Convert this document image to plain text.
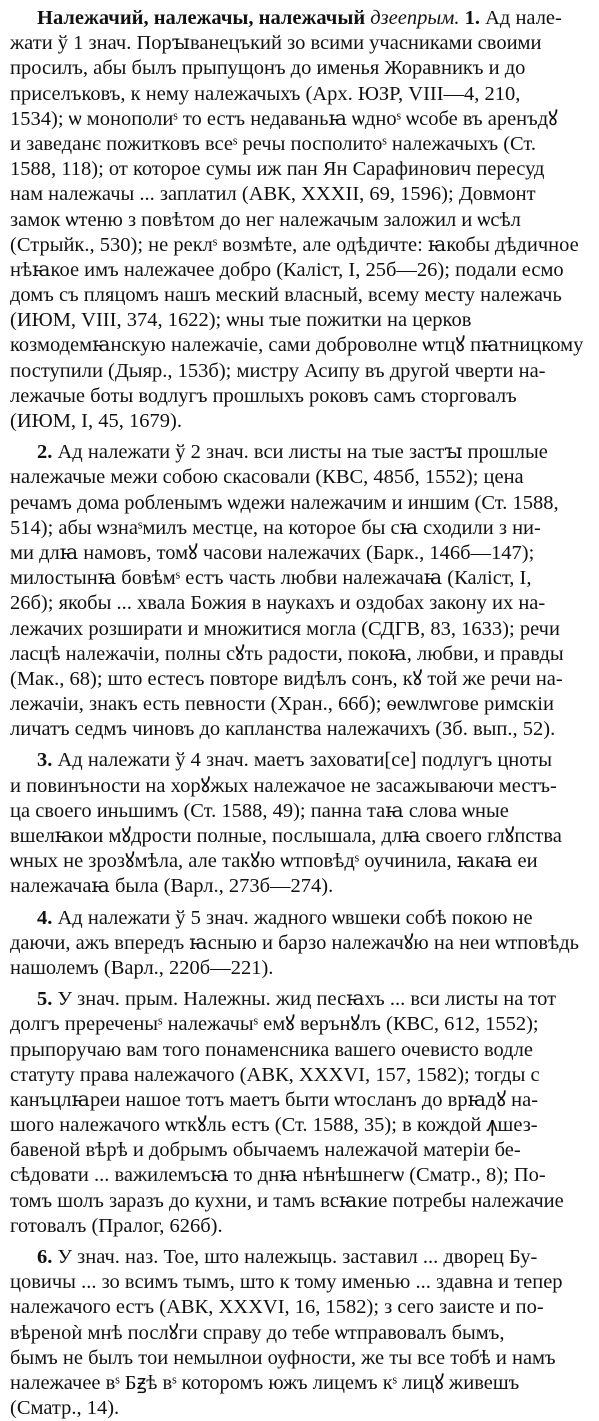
Належачий, належачы, належачый дзеепрым. 1. Ад нале-
жати ў 1 знач. Порꙑванецъкий зо всими учасниками своими
просилъ, абы былъ прыпущонъ до именья Жоравникъ и до
приселъковъ, к нему належачыхъ (Арх. ЮЗР, VIII—4, 210,
1534); ѡ монополиˢ то естъ недаваньꙗ ѡдноˢ ѡсобе въ аренъдꙋ
и заведанє пожитковъ всеˢ речы посполитоˢ належачыхъ (Ст.
1588, 118); от которое сумы иж пан Ян Сарафинович пересуд
нам належачы ... заплатил (АВК, XXXII, 69, 1596); Довмонт
замок ѡтеню з повѣтом до нег належачым заложил и ѡсѣл
(Стрыйк., 530); не реклˢ возмѣте, але одѣдичте: ꙗкобы дѣдичное
нѣꙗкое имъ належачее добро (Каліст, I, 25б—26); подали есмо
домъ съ пляцомъ нашъ меский власный, всему месту належачь
(ИЮМ, VIII, 374, 1622); ѡны тые пожитки на церков
козмодемꙗнскую належачіе, сами доброволне ѡтцꙋ пꙗтницкому
поступили (Дыяр., 153б); мистру Асипу въ другой чверти на-
лежачые боты водлугъ прошлыхъ роковъ самъ сторговалъ
(ИЮМ, I, 45, 1679).
2. Ад належати ў 2 знач. вси листы на тые застꙑ прошлые
належачые межи собою скасовали (КВС, 485б, 1552); цена
речамъ дома робленымъ ѡдежи належачим и иншим (Ст. 1588,
514); абы ѡзнаˢмилъ местце, на которое бы сꙗ сходили з ни-
ми длꙗ намовъ, томꙋ часови належачих (Барк., 146б—147);
милостынꙗ бовѣмˢ естъ часть любви належачаꙗ (Каліст, I,
26б); якобы ... хвала Божия в наукахъ и оздобах закону их на-
лежачих розширати и множитися могла (СДГВ, 83, 1633); речи
ласцѣ належачіи, полны сꙋть радости, покоꙗ, любви, и правды
(Мак., 68); што естесъ повторе видѣлъ сонъ, кꙋ той же речи на-
лежачіи, знакъ есть певности (Хран., 66б); ѳеѡлѡгове римскіи
личатъ седмъ чиновъ до капланства належачихъ (Зб. вып., 52).
3. Ад належати ў 4 знач. маетъ заховати[се] подлугъ цноты
и повинъности на хорꙋжых належачое не засажываючи местъ-
ца своего иньшимъ (Ст. 1588, 49); панна таꙗ слова ѡные
вшелꙗкои мꙋдрости полные, послышала, длꙗ своего глꙋпства
ѡных не зрозꙋмѣла, але такꙋю ѡтповѣдˢ оучинила, ꙗкаꙗ еи
належачаꙗ была (Варл., 273б—274).
4. Ад належати ў 5 знач. жадного ѡвшеки собѣ покою не
даючи, ажъ впередъ ꙗсныю и барзо належачꙋю на неи ѡтповѣдь
нашолемъ (Варл., 220б—221).
5. У знач. прым. Належны. жид песꙗхъ ... вси листы на тот
долгъ пререченыˢ належачыˢ емꙋ верънꙋлъ (КВС, 612, 1552);
прыпоручаю вам того понаменсника вашего очевисто водле
статуту права належачого (АВК, XXXVI, 157, 1582); тогды с
канъцлꙗреи нашое тотъ маетъ быти ѡтосланъ до врꙗдꙋ на-
шого належачого ѡткꙋль естъ (Ст. 1588, 35); в кождой ꙟшез-
бавеной вѣрѣ и добрымъ обычаемъ належачой матеріи бе-
сѣдовати ... важилемъсꙗ то днꙗ нѣнѣшнегѡ (Сматр., 8); По-
томъ шолъ заразъ до кухни, и тамъ всꙗкие потребы належачие
готовалъ (Пралог, 626б).
6. У знач. наз. Тое, што належыць. заставил ... дворец Бу-
цовичы ... зо всимъ тымъ, што к тому именью ... здавна и тепер
належачого естъ (АВК, XXXVI, 16, 1582); з сего заисте и по-
вѣреноѝ мнѣ послꙋги справу до тебе ѡтправовалъ бымъ,
бымъ не былъ тои немылнои оуфности, же ты все тобѣ и намъ
належачее вˢ Бꙃѣ вˢ которомъ южъ лицемъ кˢ лицꙋ живешъ
(Сматр., 14).
